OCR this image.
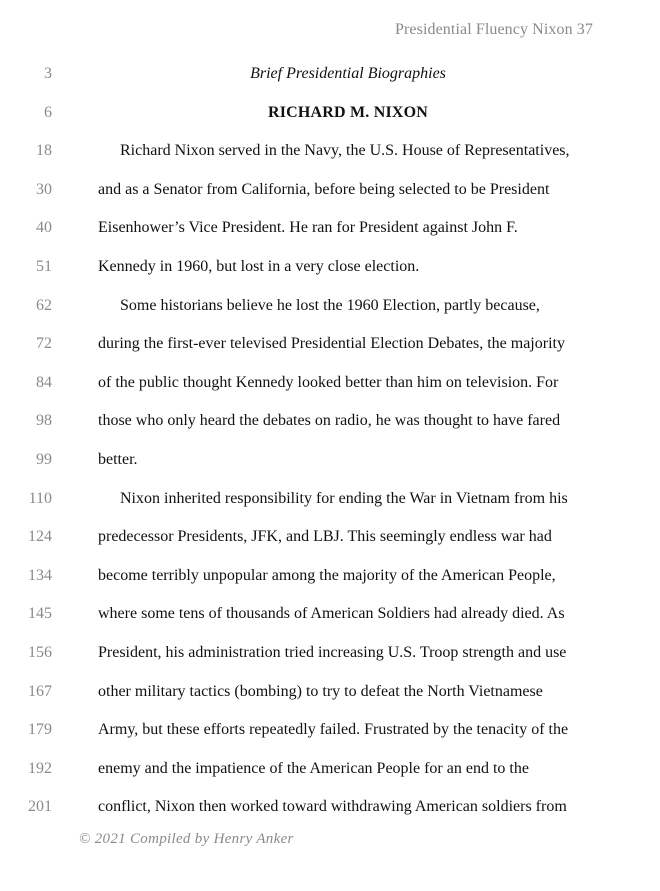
Presidential Fluency Nixon 37
3	Brief Presidential Biographies
6	RICHARD M. NIXON
18	Richard Nixon served in the Navy, the U.S. House of Representatives,
30	and as a Senator from California, before being selected to be President
40	Eisenhower’s Vice President. He ran for President against John F.
51	Kennedy in 1960, but lost in a very close election.
62	Some historians believe he lost the 1960 Election, partly because,
72	during the first-ever televised Presidential Election Debates, the majority
84	of the public thought Kennedy looked better than him on television. For
98	those who only heard the debates on radio, he was thought to have fared
99	better.
110	Nixon inherited responsibility for ending the War in Vietnam from his
124	predecessor Presidents, JFK, and LBJ. This seemingly endless war had
134	become terribly unpopular among the majority of the American People,
145	where some tens of thousands of American Soldiers had already died. As
156	President, his administration tried increasing U.S. Troop strength and use
167	other military tactics (bombing) to try to defeat the North Vietnamese
179	Army, but these efforts repeatedly failed. Frustrated by the tenacity of the
192	enemy and the impatience of the American People for an end to the
201	conflict, Nixon then worked toward withdrawing American soldiers from
© 2021 Compiled by Henry Anker
